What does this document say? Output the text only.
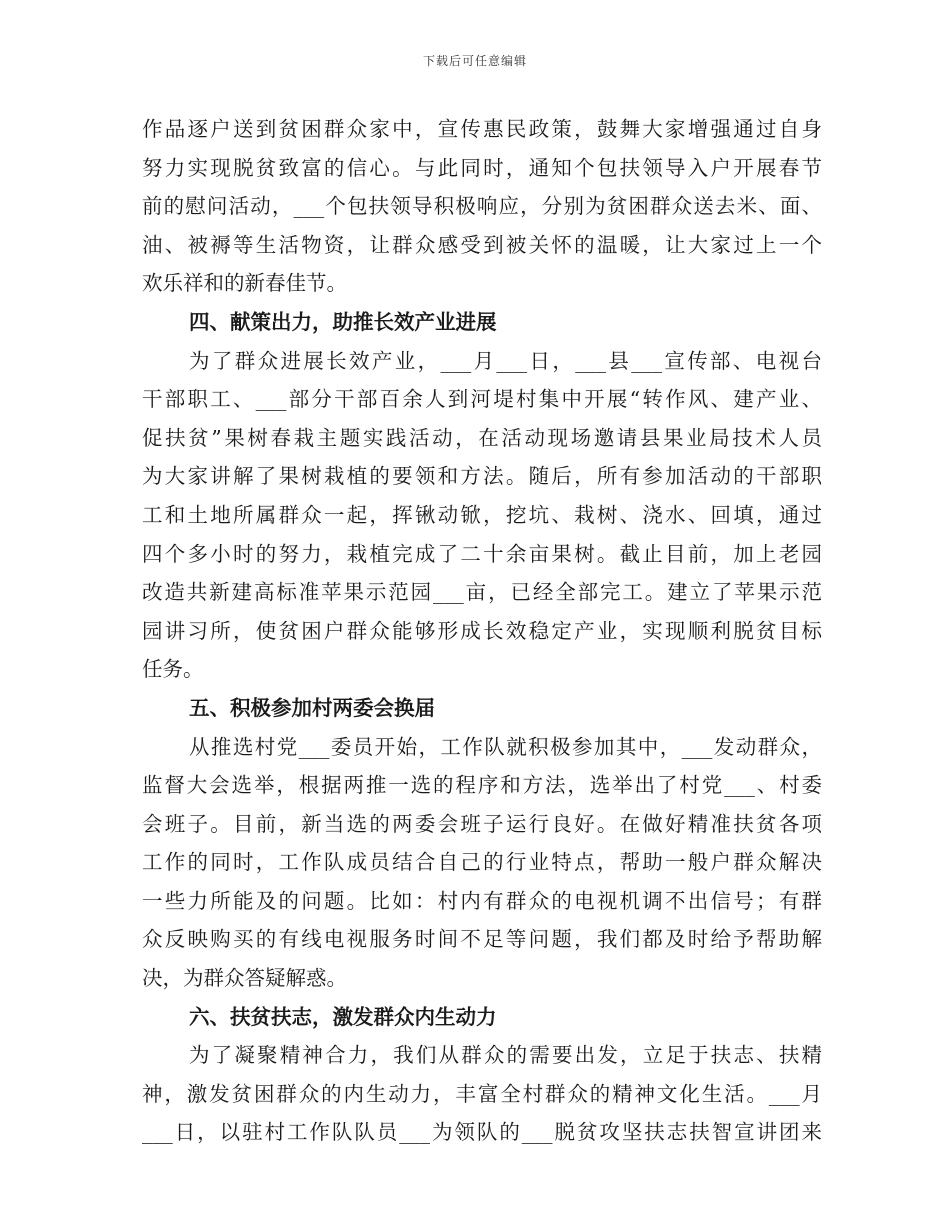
下载后可任意编辑
作品逐户送到贫困群众家中，宣传惠民政策，鼓舞大家增强通过自身
努力实现脱贫致富的信心。与此同时，通知个包扶领导入户开展春节
前的慰问活动，___个包扶领导积极响应，分别为贫困群众送去米、面、
油、被褥等生活物资，让群众感受到被关怀的温暖，让大家过上一个
欢乐祥和的新春佳节。
四、献策出力，助推长效产业进展
为了群众进展长效产业，___月___日，___县___宣传部、电视台
干部职工、___部分干部百余人到河堤村集中开展“转作风、建产业、
促扶贫”果树春栽主题实践活动，在活动现场邀请县果业局技术人员
为大家讲解了果树栽植的要领和方法。随后，所有参加活动的干部职
工和土地所属群众一起，挥锹动锨，挖坑、栽树、浇水、回填，通过
四个多小时的努力，栽植完成了二十余亩果树。截止目前，加上老园
改造共新建高标准苹果示范园___亩，已经全部完工。建立了苹果示范
园讲习所，使贫困户群众能够形成长效稳定产业，实现顺利脱贫目标
任务。
五、积极参加村两委会换届
从推选村党___委员开始，工作队就积极参加其中，___发动群众，
监督大会选举，根据两推一选的程序和方法，选举出了村党___、村委
会班子。目前，新当选的两委会班子运行良好。在做好精准扶贫各项
工作的同时，工作队成员结合自己的行业特点，帮助一般户群众解决
一些力所能及的问题。比如：村内有群众的电视机调不出信号；有群
众反映购买的有线电视服务时间不足等问题，我们都及时给予帮助解
决，为群众答疑解惑。
六、扶贫扶志，激发群众内生动力
为了凝聚精神合力，我们从群众的需要出发，立足于扶志、扶精
神，激发贫困群众的内生动力，丰富全村群众的精神文化生活。___月
___日，以驻村工作队队员___为领队的___脱贫攻坚扶志扶智宣讲团来
